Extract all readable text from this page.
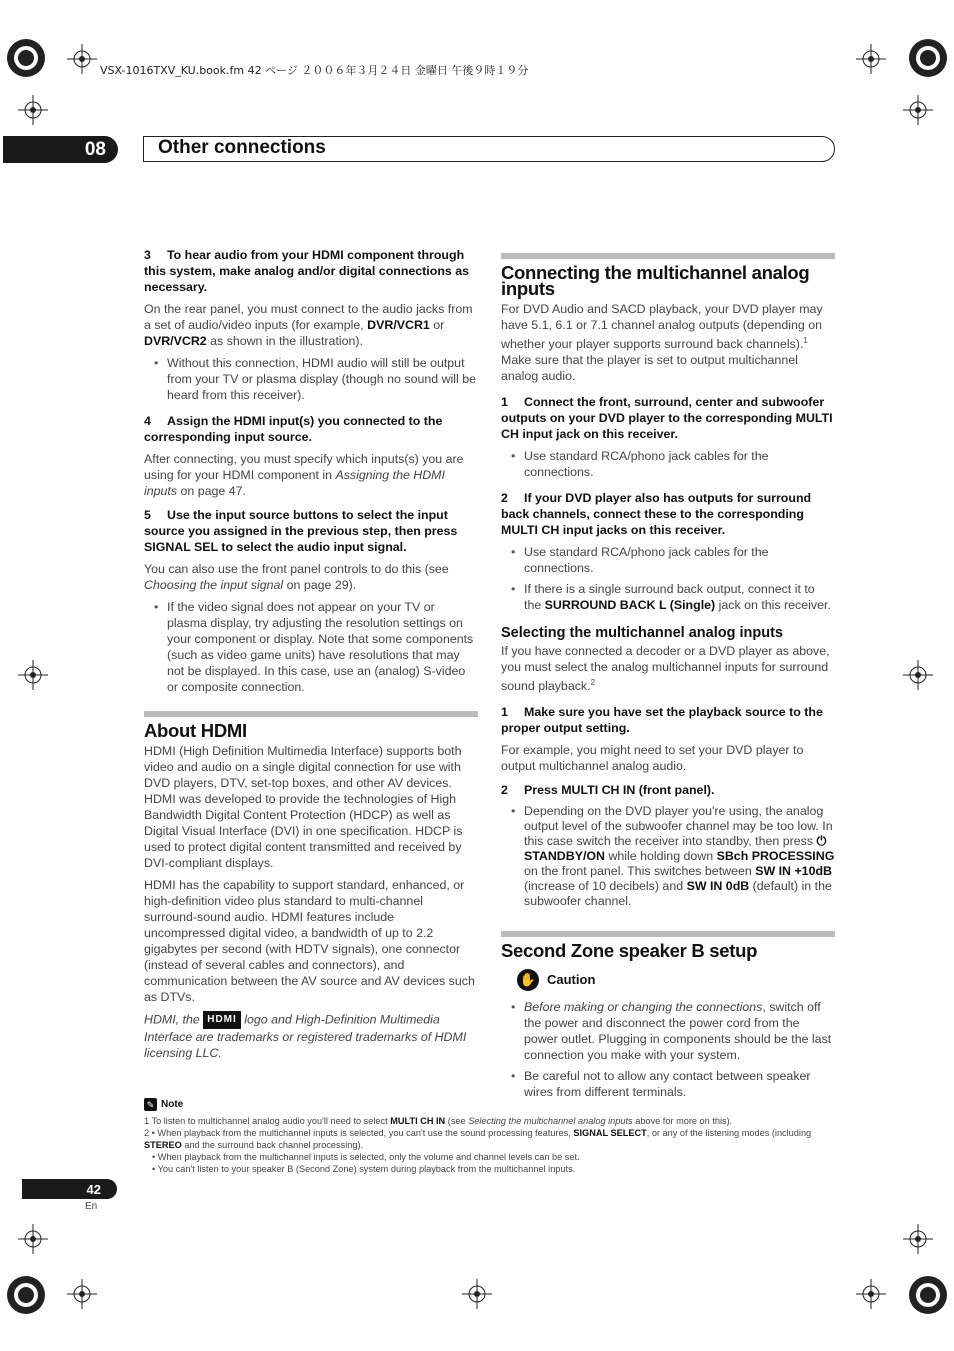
VSX-1016TXV_KU.book.fm 42 ページ ２００６年３月２４日 金曜日 午後９時１９分
08	Other connections

3 To hear audio from your HDMI component through this system, make analog and/or digital connections as necessary.

On the rear panel, you must connect to the audio jacks from a set of audio/video inputs (for example, DVR/VCR1 or DVR/VCR2 as shown in the illustration).

• Without this connection, HDMI audio will still be output from your TV or plasma display (though no sound will be heard from this receiver).

4 Assign the HDMI input(s) you connected to the corresponding input source.

After connecting, you must specify which inputs(s) you are using for your HDMI component in Assigning the HDMI inputs on page 47.

5 Use the input source buttons to select the input source you assigned in the previous step, then press SIGNAL SEL to select the audio input signal.

You can also use the front panel controls to do this (see Choosing the input signal on page 29).

• If the video signal does not appear on your TV or plasma display, try adjusting the resolution settings on your component or display. Note that some components (such as video game units) have resolutions that may not be displayed. In this case, use an (analog) S-video or composite connection.
About HDMI

HDMI (High Definition Multimedia Interface) supports both video and audio on a single digital connection for use with DVD players, DTV, set-top boxes, and other AV devices. HDMI was developed to provide the technologies of High Bandwidth Digital Content Protection (HDCP) as well as Digital Visual Interface (DVI) in one specification. HDCP is used to protect digital content transmitted and received by DVI-compliant displays.

HDMI has the capability to support standard, enhanced, or high-definition video plus standard to multi-channel surround-sound audio. HDMI features include uncompressed digital video, a bandwidth of up to 2.2 gigabytes per second (with HDTV signals), one connector (instead of several cables and connectors), and communication between the AV source and AV devices such as DTVs.

HDMI, the HDMI logo and High-Definition Multimedia Interface are trademarks or registered trademarks of HDMI licensing LLC.

Connecting the multichannel analog inputs

For DVD Audio and SACD playback, your DVD player may have 5.1, 6.1 or 7.1 channel analog outputs (depending on whether your player supports surround back channels).$^1$ Make sure that the player is set to output multichannel analog audio.

1 Connect the front, surround, center and subwoofer outputs on your DVD player to the corresponding MULTI CH input jack on this receiver.

• Use standard RCA/phono jack cables for the connections.

2 If your DVD player also has outputs for surround back channels, connect these to the corresponding MULTI CH input jacks on this receiver.

• Use standard RCA/phono jack cables for the connections.
• If there is a single surround back output, connect it to the SURROUND BACK L (Single) jack on this receiver.
Selecting the multichannel analog inputs

If you have connected a decoder or a DVD player as above, you must select the analog multichannel inputs for surround sound playback.$^2$

1 Make sure you have set the playback source to the proper output setting.

For example, you might need to set your DVD player to output multichannel analog audio.

2 Press MULTI CH IN (front panel).

• Depending on the DVD player you're using, the analog output level of the subwoofer channel may be too low. In this case switch the receiver into standby, then press ⏻ STANDBY/ON while holding down SBch PROCESSING on the front panel. This switches between SW IN +10dB (increase of 10 decibels) and SW IN 0dB (default) in the subwoofer channel.
Second Zone speaker B setup
✋ Caution
• Before making or changing the connections, switch off the power and disconnect the power cord from the power outlet. Plugging in components should be the last connection you make with your system.
• Be careful not to allow any contact between speaker wires from different terminals.
✎ Note

1 To listen to multichannel analog audio you'll need to select MULTI CH IN (see Selecting the multichannel analog inputs above for more on this).

2 • When playback from the multichannel inputs is selected, you can't use the sound processing features, SIGNAL SELECT, or any of the listening modes (including STEREO and the surround back channel processing).

• When playback from the multichannel inputs is selected, only the volume and channel levels can be set.

• You can't listen to your speaker B (Second Zone) system during playback from the multichannel inputs.

42
En
